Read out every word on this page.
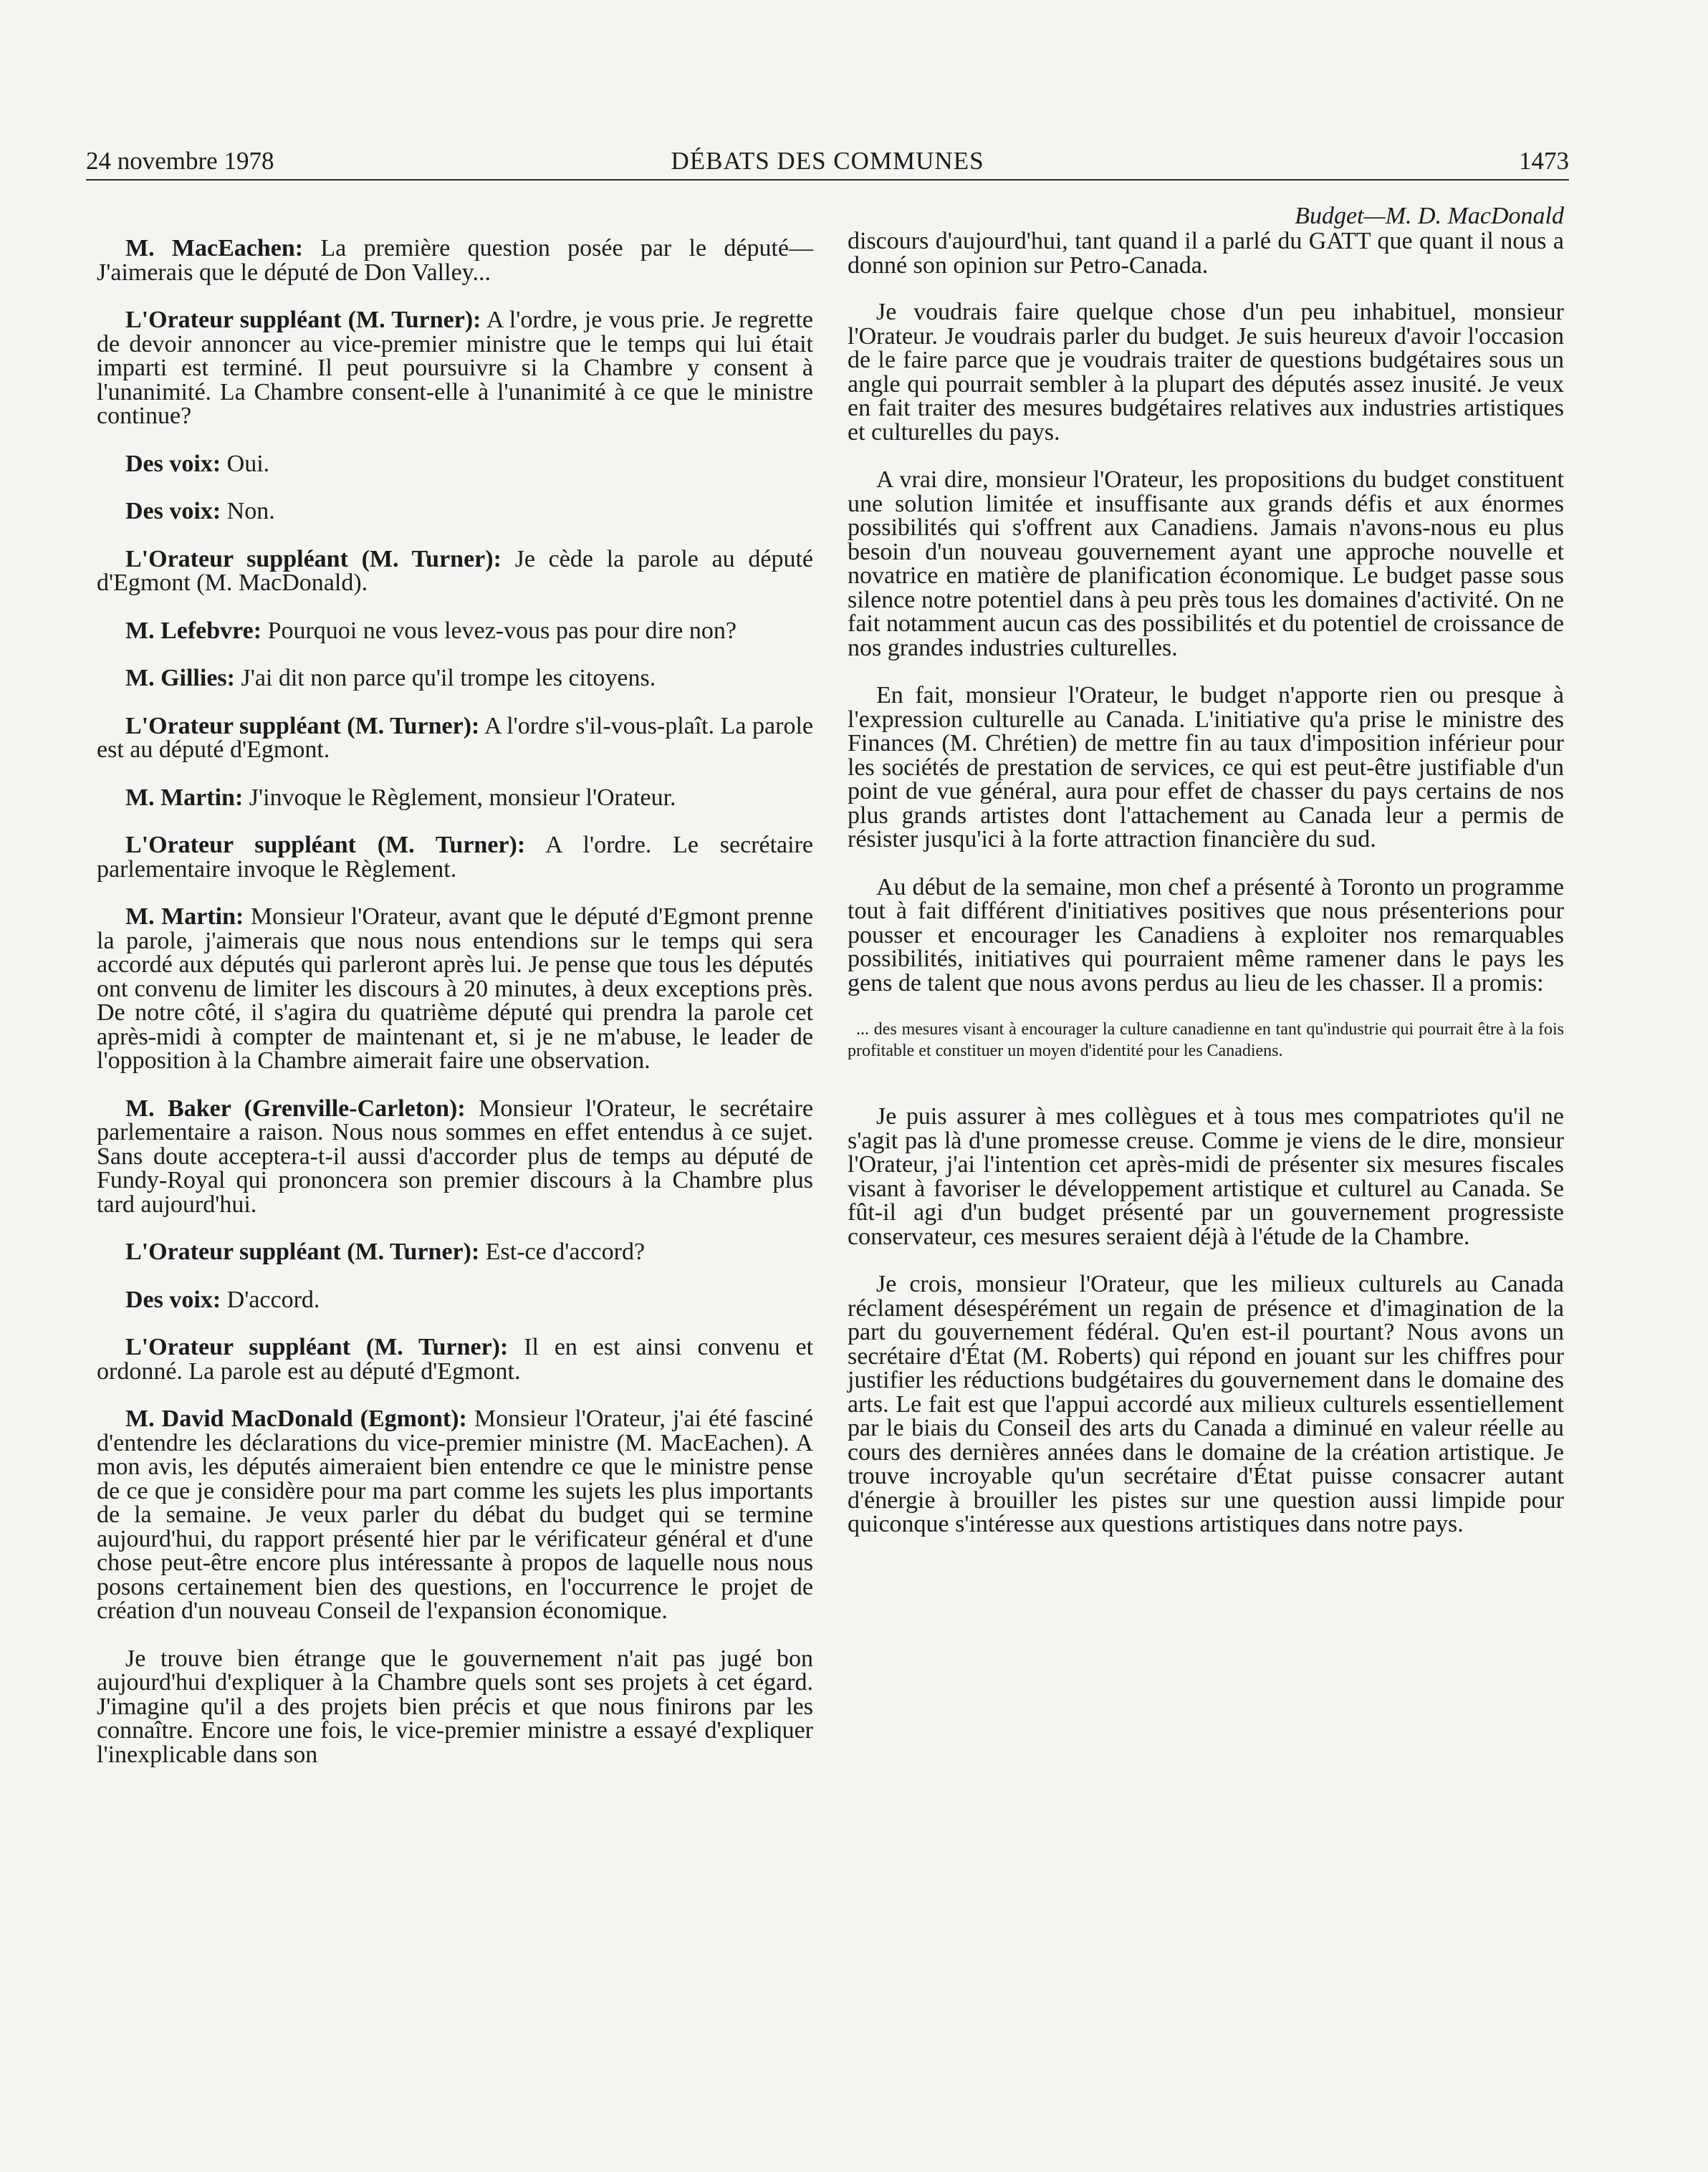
24 novembre 1978	DÉBATS DES COMMUNES	1473

M. MacEachen: La première question posée par le député— J'aimerais que le député de Don Valley...

L'Orateur suppléant (M. Turner): A l'ordre, je vous prie. Je regrette de devoir annoncer au vice-premier ministre que le temps qui lui était imparti est terminé. Il peut poursuivre si la Chambre y consent à l'unanimité. La Chambre consent-elle à l'unanimité à ce que le ministre continue?

Des voix: Oui.

Des voix: Non.

L'Orateur suppléant (M. Turner): Je cède la parole au député d'Egmont (M. MacDonald).

M. Lefebvre: Pourquoi ne vous levez-vous pas pour dire non?

M. Gillies: J'ai dit non parce qu'il trompe les citoyens.

L'Orateur suppléant (M. Turner): A l'ordre s'il-vous-plaît. La parole est au député d'Egmont.

M. Martin: J'invoque le Règlement, monsieur l'Orateur.

L'Orateur suppléant (M. Turner): A l'ordre. Le secrétaire parlementaire invoque le Règlement.

M. Martin: Monsieur l'Orateur, avant que le député d'Egmont prenne la parole, j'aimerais que nous nous entendions sur le temps qui sera accordé aux députés qui parleront après lui. Je pense que tous les députés ont convenu de limiter les discours à 20 minutes, à deux exceptions près. De notre côté, il s'agira du quatrième député qui prendra la parole cet après-midi à compter de maintenant et, si je ne m'abuse, le leader de l'opposition à la Chambre aimerait faire une observation.

M. Baker (Grenville-Carleton): Monsieur l'Orateur, le secrétaire parlementaire a raison. Nous nous sommes en effet entendus à ce sujet. Sans doute acceptera-t-il aussi d'accorder plus de temps au député de Fundy-Royal qui prononcera son premier discours à la Chambre plus tard aujourd'hui.

L'Orateur suppléant (M. Turner): Est-ce d'accord?

Des voix: D'accord.

L'Orateur suppléant (M. Turner): Il en est ainsi convenu et ordonné. La parole est au député d'Egmont.

M. David MacDonald (Egmont): Monsieur l'Orateur, j'ai été fasciné d'entendre les déclarations du vice-premier ministre (M. MacEachen). A mon avis, les députés aimeraient bien entendre ce que le ministre pense de ce que je considère pour ma part comme les sujets les plus importants de la semaine. Je veux parler du débat du budget qui se termine aujourd'hui, du rapport présenté hier par le vérificateur général et d'une chose peut-être encore plus intéressante à propos de laquelle nous nous posons certainement bien des questions, en l'occurrence le projet de création d'un nouveau Conseil de l'expansion économique.

Je trouve bien étrange que le gouvernement n'ait pas jugé bon aujourd'hui d'expliquer à la Chambre quels sont ses projets à cet égard. J'imagine qu'il a des projets bien précis et que nous finirons par les connaître. Encore une fois, le vice-premier ministre a essayé d'expliquer l'inexplicable dans son

Budget—M. D. MacDonald

discours d'aujourd'hui, tant quand il a parlé du GATT que quant il nous a donné son opinion sur Petro-Canada.

Je voudrais faire quelque chose d'un peu inhabituel, monsieur l'Orateur. Je voudrais parler du budget. Je suis heureux d'avoir l'occasion de le faire parce que je voudrais traiter de questions budgétaires sous un angle qui pourrait sembler à la plupart des députés assez inusité. Je veux en fait traiter des mesures budgétaires relatives aux industries artistiques et culturelles du pays.

A vrai dire, monsieur l'Orateur, les propositions du budget constituent une solution limitée et insuffisante aux grands défis et aux énormes possibilités qui s'offrent aux Canadiens. Jamais n'avons-nous eu plus besoin d'un nouveau gouvernement ayant une approche nouvelle et novatrice en matière de planification économique. Le budget passe sous silence notre potentiel dans à peu près tous les domaines d'activité. On ne fait notamment aucun cas des possibilités et du potentiel de croissance de nos grandes industries culturelles.

En fait, monsieur l'Orateur, le budget n'apporte rien ou presque à l'expression culturelle au Canada. L'initiative qu'a prise le ministre des Finances (M. Chrétien) de mettre fin au taux d'imposition inférieur pour les sociétés de prestation de services, ce qui est peut-être justifiable d'un point de vue général, aura pour effet de chasser du pays certains de nos plus grands artistes dont l'attachement au Canada leur a permis de résister jusqu'ici à la forte attraction financière du sud.

Au début de la semaine, mon chef a présenté à Toronto un programme tout à fait différent d'initiatives positives que nous présenterions pour pousser et encourager les Canadiens à exploiter nos remarquables possibilités, initiatives qui pourraient même ramener dans le pays les gens de talent que nous avons perdus au lieu de les chasser. Il a promis:

... des mesures visant à encourager la culture canadienne en tant qu'industrie qui pourrait être à la fois profitable et constituer un moyen d'identité pour les Canadiens.

Je puis assurer à mes collègues et à tous mes compatriotes qu'il ne s'agit pas là d'une promesse creuse. Comme je viens de le dire, monsieur l'Orateur, j'ai l'intention cet après-midi de présenter six mesures fiscales visant à favoriser le développement artistique et culturel au Canada. Se fût-il agi d'un budget présenté par un gouvernement progressiste conservateur, ces mesures seraient déjà à l'étude de la Chambre.

Je crois, monsieur l'Orateur, que les milieux culturels au Canada réclament désespérément un regain de présence et d'imagination de la part du gouvernement fédéral. Qu'en est-il pourtant? Nous avons un secrétaire d'État (M. Roberts) qui répond en jouant sur les chiffres pour justifier les réductions budgétaires du gouvernement dans le domaine des arts. Le fait est que l'appui accordé aux milieux culturels essentiellement par le biais du Conseil des arts du Canada a diminué en valeur réelle au cours des dernières années dans le domaine de la création artistique. Je trouve incroyable qu'un secrétaire d'État puisse consacrer autant d'énergie à brouiller les pistes sur une question aussi limpide pour quiconque s'intéresse aux questions artistiques dans notre pays.
